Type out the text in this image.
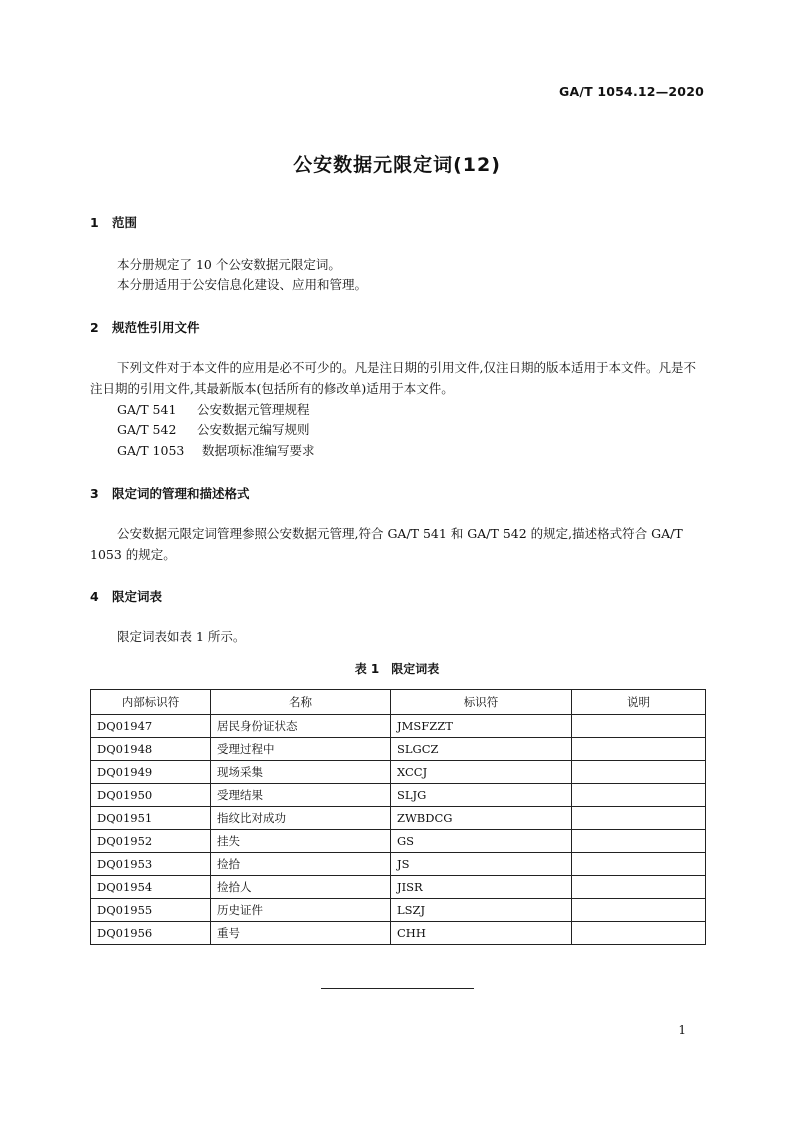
GA/T 1054.12—2020
公安数据元限定词(12)
1 范围
本分册规定了 10 个公安数据元限定词。
本分册适用于公安信息化建设、应用和管理。
2 规范性引用文件
下列文件对于本文件的应用是必不可少的。凡是注日期的引用文件,仅注日期的版本适用于本文件。凡是不注日期的引用文件,其最新版本(包括所有的修改单)适用于本文件。
GA/T 541 公安数据元管理规程
GA/T 542 公安数据元编写规则
GA/T 1053 数据项标准编写要求
3 限定词的管理和描述格式
公安数据元限定词管理参照公安数据元管理,符合 GA/T 541 和 GA/T 542 的规定,描述格式符合 GA/T 1053 的规定。
4 限定词表
限定词表如表 1 所示。
表 1　限定词表
内部标识符	名称	标识符	说明
DQ01947	居民身份证状态	JMSFZZT	
DQ01948	受理过程中	SLGCZ	
DQ01949	现场采集	XCCJ	
DQ01950	受理结果	SLJG	
DQ01951	指纹比对成功	ZWBDCG	
DQ01952	挂失	GS	
DQ01953	捡拾	JS	
DQ01954	捡拾人	JISR	
DQ01955	历史证件	LSZJ	
DQ01956	重号	CHH	
1
